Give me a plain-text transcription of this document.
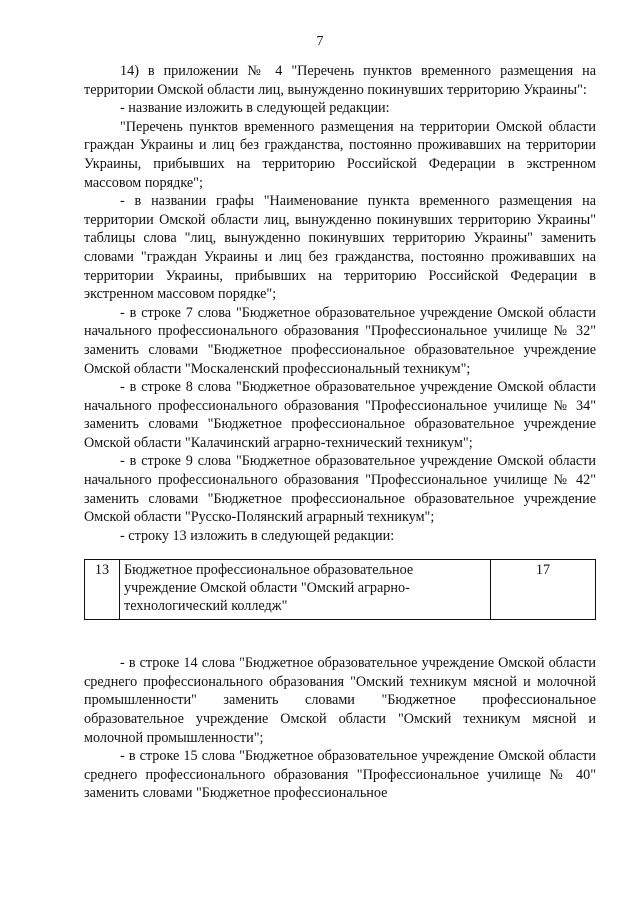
7

14) в приложении № 4 "Перечень пунктов временного размещения на территории Омской области лиц, вынужденно покинувших территорию Украины":

- название изложить в следующей редакции:

"Перечень пунктов временного размещения на территории Омской области граждан Украины и лиц без гражданства, постоянно проживавших на территории Украины, прибывших на территорию Российской Федерации в экстренном массовом порядке";

- в названии графы "Наименование пункта временного размещения на территории Омской области лиц, вынужденно покинувших территорию Украины" таблицы слова "лиц, вынужденно покинувших территорию Украины" заменить словами "граждан Украины и лиц без гражданства, постоянно проживавших на территории Украины, прибывших на территорию Российской Федерации в экстренном массовом порядке";

- в строке 7 слова "Бюджетное образовательное учреждение Омской области начального профессионального образования "Профессиональное училище № 32" заменить словами "Бюджетное профессиональное образовательное учреждение Омской области "Москаленский профессиональный техникум";

- в строке 8 слова "Бюджетное образовательное учреждение Омской области начального профессионального образования "Профессиональное училище № 34" заменить словами "Бюджетное профессиональное образовательное учреждение Омской области "Калачинский аграрно-технический техникум";

- в строке 9 слова "Бюджетное образовательное учреждение Омской области начального профессионального образования "Профессиональное училище № 42" заменить словами "Бюджетное профессиональное образовательное учреждение Омской области "Русско-Полянский аграрный техникум";

- строку 13 изложить в следующей редакции:

13	Бюджетное профессиональное образовательное учреждение Омской области "Омский аграрно-технологический колледж"	17

- в строке 14 слова "Бюджетное образовательное учреждение Омской области среднего профессионального образования "Омский техникум мясной и молочной промышленности" заменить словами "Бюджетное профессиональное образовательное учреждение Омской области "Омский техникум мясной и молочной промышленности";

- в строке 15 слова "Бюджетное образовательное учреждение Омской области среднего профессионального образования "Профессиональное училище № 40" заменить словами "Бюджетное профессиональное
